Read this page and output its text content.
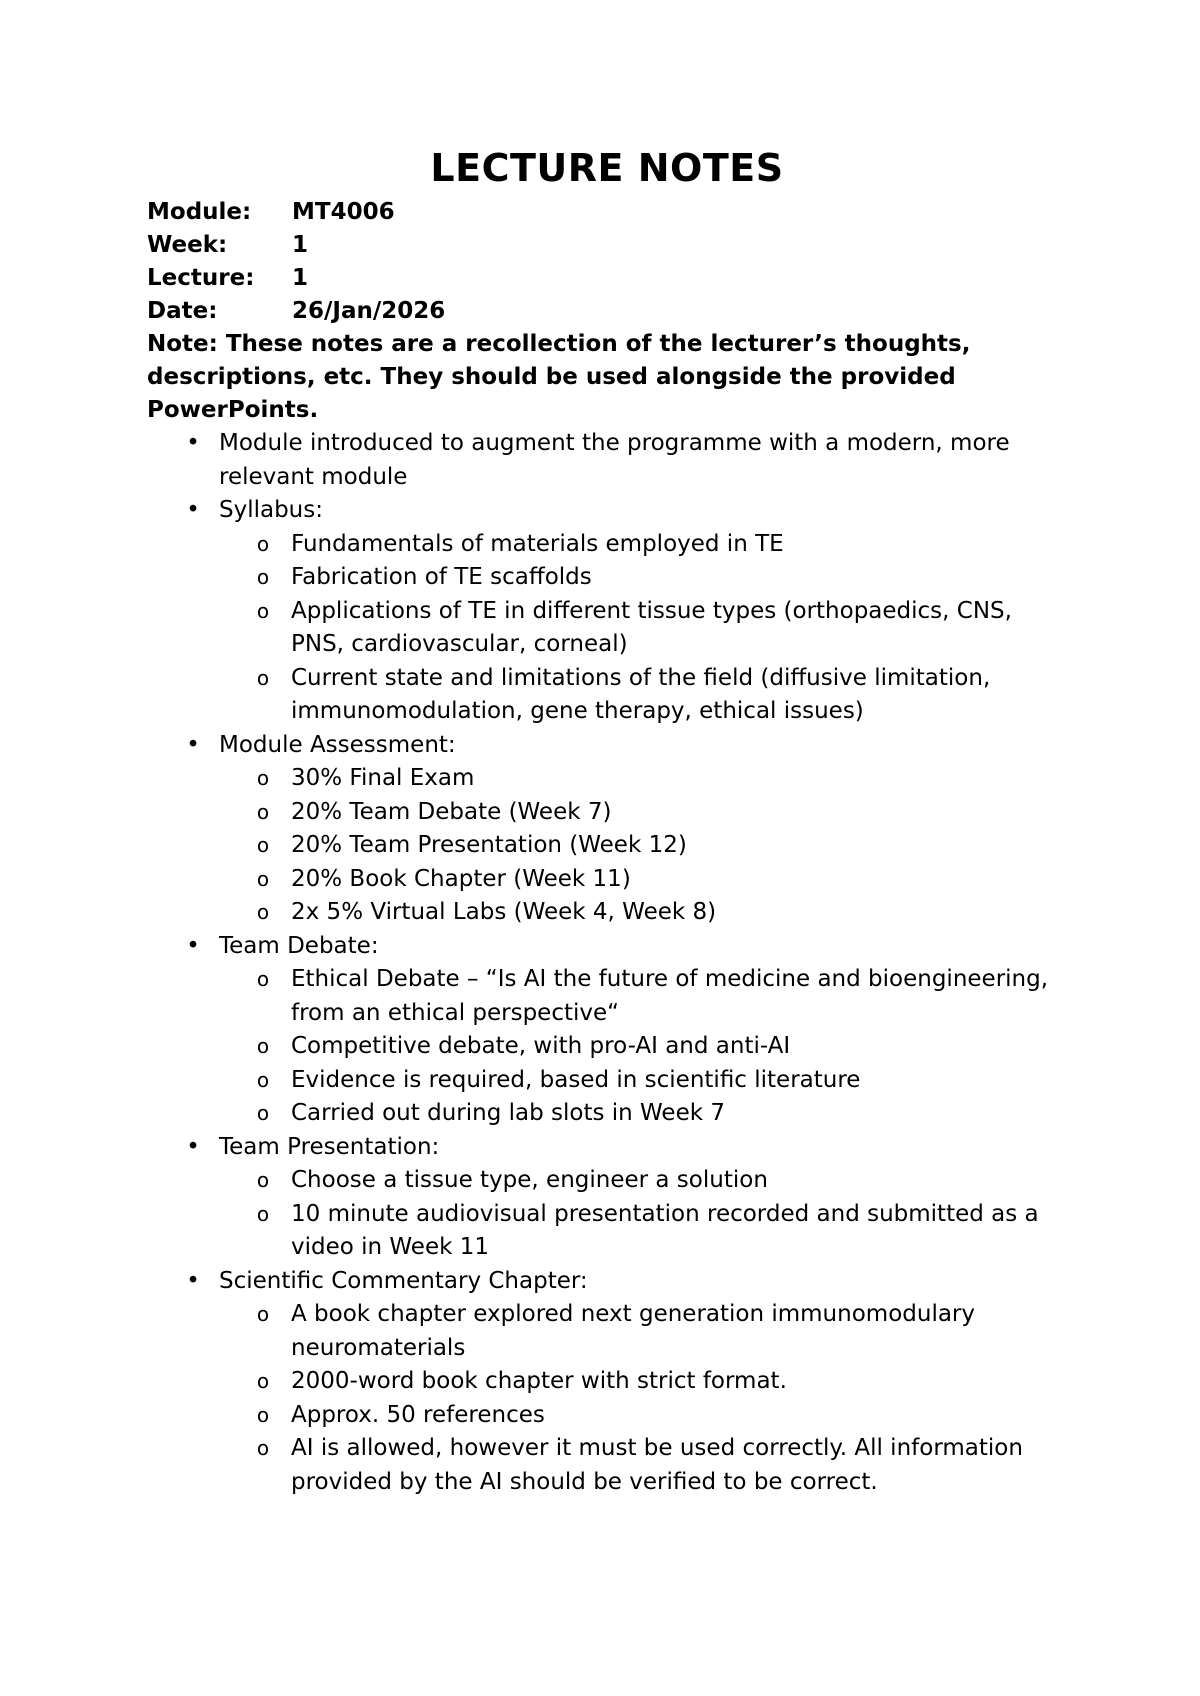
LECTURE NOTES
Module:	MT4006
Week:	1
Lecture:	1
Date:	26/Jan/2026

Note: These notes are a recollection of the lecturer’s thoughts, descriptions, etc. They should be used alongside the provided PowerPoints.

• Module introduced to augment the programme with a modern, more relevant module
• Syllabus:
o Fundamentals of materials employed in TE
o Fabrication of TE scaffolds
o Applications of TE in different tissue types (orthopaedics, CNS, PNS, cardiovascular, corneal)
o Current state and limitations of the field (diffusive limitation, immunomodulation, gene therapy, ethical issues)
• Module Assessment:
o 30% Final Exam
o 20% Team Debate (Week 7)
o 20% Team Presentation (Week 12)
o 20% Book Chapter (Week 11)
o 2x 5% Virtual Labs (Week 4, Week 8)
• Team Debate:
o Ethical Debate – “Is AI the future of medicine and bioengineering, from an ethical perspective“
o Competitive debate, with pro-AI and anti-AI
o Evidence is required, based in scientific literature
o Carried out during lab slots in Week 7
• Team Presentation:
o Choose a tissue type, engineer a solution
o 10 minute audiovisual presentation recorded and submitted as a video in Week 11
• Scientific Commentary Chapter:
o A book chapter explored next generation immunomodulary neuromaterials
o 2000-word book chapter with strict format.
o Approx. 50 references
o AI is allowed, however it must be used correctly. All information provided by the AI should be verified to be correct.
